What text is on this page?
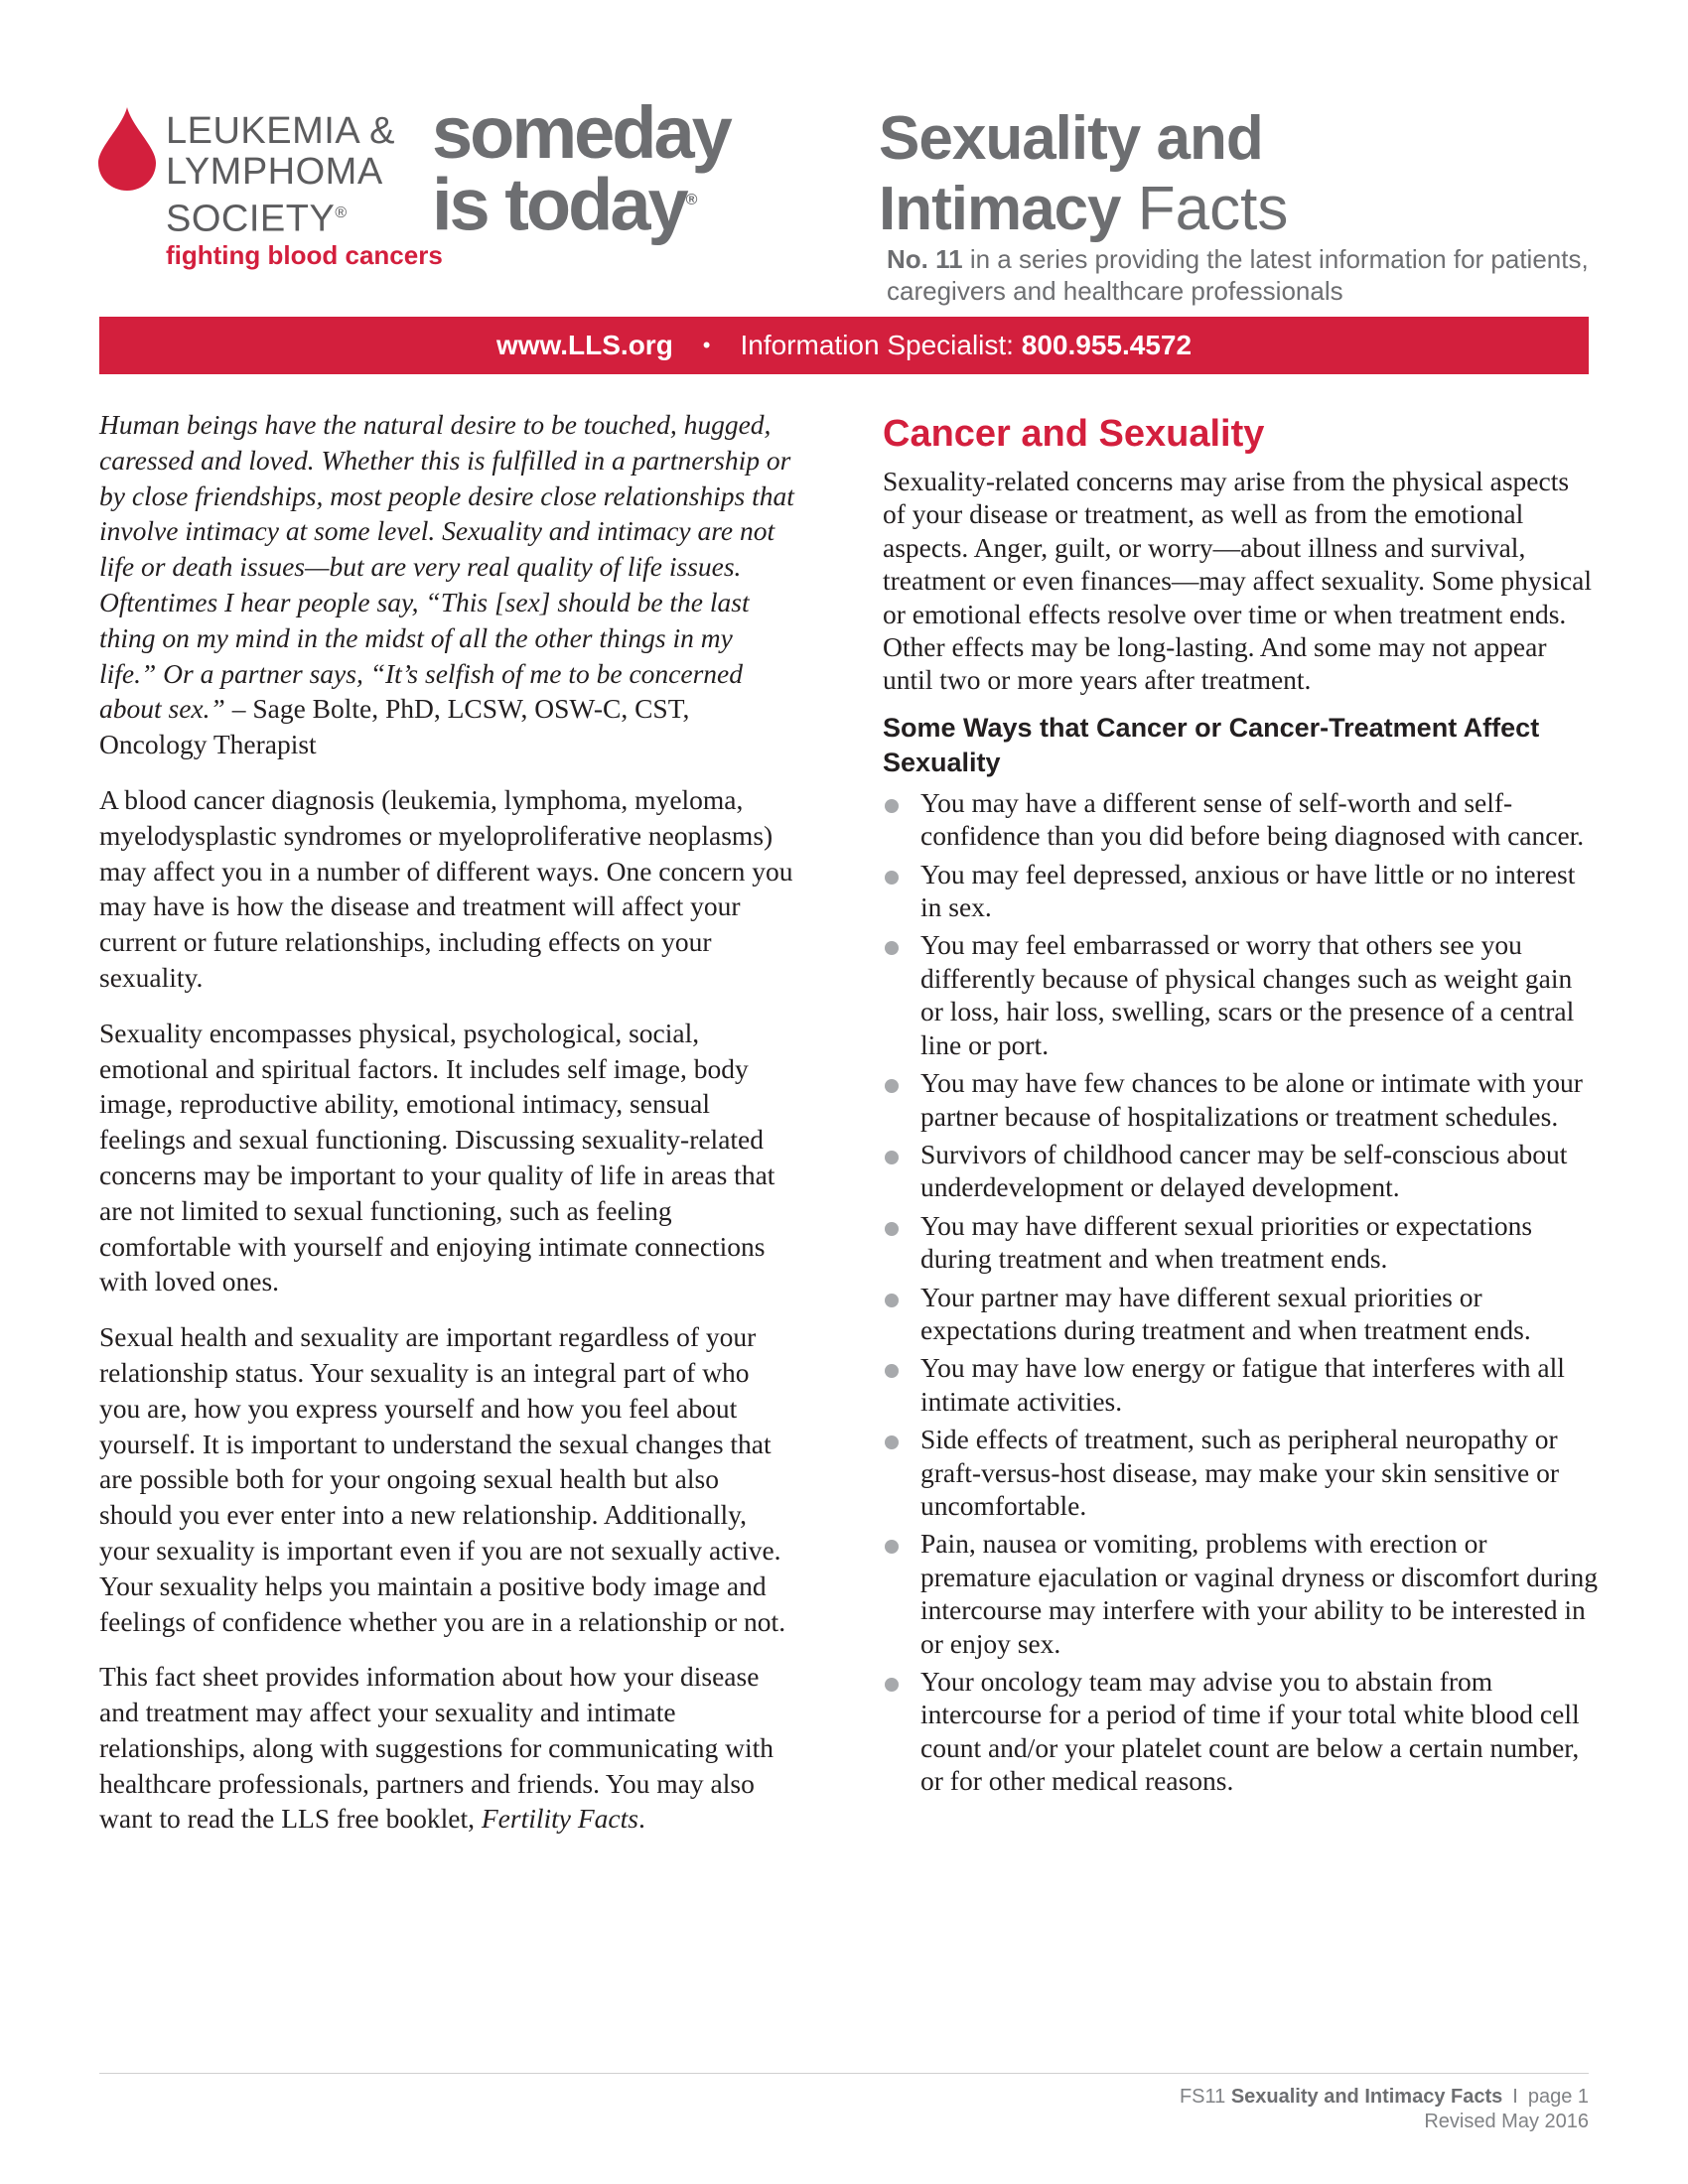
LEUKEMIA &
LYMPHOMA
SOCIETY®
fighting blood cancers
someday
is today®
Sexuality and
Intimacy Facts
No. 11 in a series providing the latest information for patients, caregivers and healthcare professionals
www.LLS.org • Information Specialist:
800.955.4572

Human beings have the natural desire to be touched, hugged, caressed and loved. Whether this is fulfilled in a partnership or by close friendships, most people desire close relationships that involve intimacy at some level. Sexuality and intimacy are not life or death issues—but are very real quality of life issues. Oftentimes I hear people say, “This [sex] should be the last thing on my mind in the midst of all the other things in my life.” Or a partner says, “It’s selfish of me to be concerned about sex.” – Sage Bolte, PhD, LCSW, OSW-C, CST, Oncology Therapist

A blood cancer diagnosis (leukemia, lymphoma, myeloma, myelodysplastic syndromes or myeloproliferative neoplasms) may affect you in a number of different ways. One concern you may have is how the disease and treatment will affect your current or future relationships, including effects on your sexuality.

Sexuality encompasses physical, psychological, social, emotional and spiritual factors. It includes self image, body image, reproductive ability, emotional intimacy, sensual feelings and sexual functioning. Discussing sexuality-related concerns may be important to your quality of life in areas that are not limited to sexual functioning, such as feeling comfortable with yourself and enjoying intimate connections with loved ones.

Sexual health and sexuality are important regardless of your relationship status. Your sexuality is an integral part of who you are, how you express yourself and how you feel about yourself. It is important to understand the sexual changes that are possible both for your ongoing sexual health but also should you ever enter into a new relationship. Additionally, your sexuality is important even if you are not sexually active. Your sexuality helps you maintain a positive body image and feelings of confidence whether you are in a relationship or not.

This fact sheet provides information about how your disease and treatment may affect your sexuality and intimate relationships, along with suggestions for communicating with healthcare professionals, partners and friends. You may also want to read the LLS free booklet, Fertility Facts.

Cancer and Sexuality

Sexuality-related concerns may arise from the physical aspects of your disease or treatment, as well as from the emotional aspects. Anger, guilt, or worry—about illness and survival, treatment or even finances—may affect sexuality. Some physical or emotional effects resolve over time or when treatment ends. Other effects may be long-lasting. And some may not appear until two or more years after treatment.

Some Ways that Cancer or Cancer-Treatment Affect Sexuality
You may have a different sense of self-worth and self-confidence than you did before being diagnosed with cancer.
You may feel depressed, anxious or have little or no interest in sex.
You may feel embarrassed or worry that others see you differently because of physical changes such as weight gain or loss, hair loss, swelling, scars or the presence of a central line or port.
You may have few chances to be alone or intimate with your partner because of hospitalizations or treatment schedules.
Survivors of childhood cancer may be self-conscious about underdevelopment or delayed development.
You may have different sexual priorities or expectations during treatment and when treatment ends.
Your partner may have different sexual priorities or expectations during treatment and when treatment ends.
You may have low energy or fatigue that interferes with all intimate activities.
Side effects of treatment, such as peripheral neuropathy or graft-versus-host disease, may make your skin sensitive or uncomfortable.
Pain, nausea or vomiting, problems with erection or premature ejaculation or vaginal dryness or discomfort during intercourse may interfere with your ability to be interested in or enjoy sex.
Your oncology team may advise you to abstain from intercourse for a period of time if your total white blood cell count and/or your platelet count are below a certain number, or for other medical reasons.
FS11 Sexuality and Intimacy Facts I page 1
Revised May 2016
